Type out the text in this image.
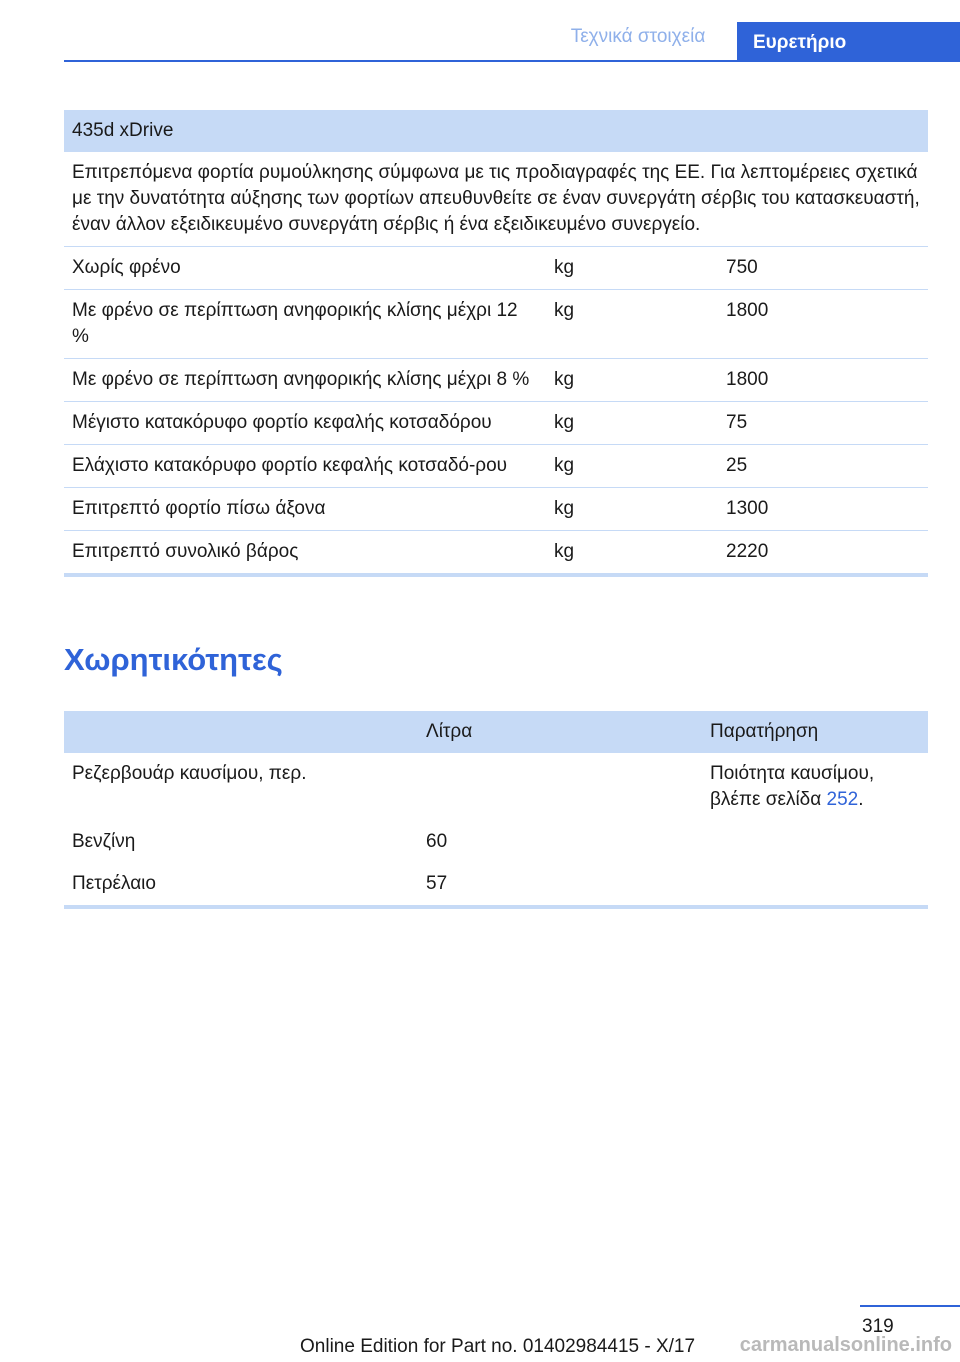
Τεχνικά στοιχεία	Ευρετήριο
435d xDrive		
Επιτρεπόμενα φορτία ρυμούλκησης σύμφωνα με τις προδιαγραφές της ΕΕ. Για λεπτομέρειες σχετικά με την δυνατότητα αύξησης των φορτίων απευθυνθείτε σε έναν συνεργάτη σέρβις του κατασκευαστή, έναν άλλον εξειδικευμένο συνεργάτη σέρβις ή ένα εξειδικευμένο συνεργείο.		
Χωρίς φρένο	kg	750
Με φρένο σε περίπτωση ανηφορικής κλίσης μέχρι 12 %	kg	1800
Με φρένο σε περίπτωση ανηφορικής κλίσης μέχρι 8 %	kg	1800
Μέγιστο κατακόρυφο φορτίο κεφαλής κοτσαδόρου	kg	75
Ελάχιστο κατακόρυφο φορτίο κεφαλής κοτσαδό-ρου	kg	25
Επιτρεπτό φορτίο πίσω άξονα	kg	1300
Επιτρεπτό συνολικό βάρος	kg	2220
Χωρητικότητες
	Λίτρα	Παρατήρηση
Ρεζερβουάρ καυσίμου, περ.		Ποιότητα καυσίμου, βλέπε σελίδα 252.
Βενζίνη	60	
Πετρέλαιο	57	
319
Online Edition for Part no. 01402984415 - X/17 carmanualsonline.info
